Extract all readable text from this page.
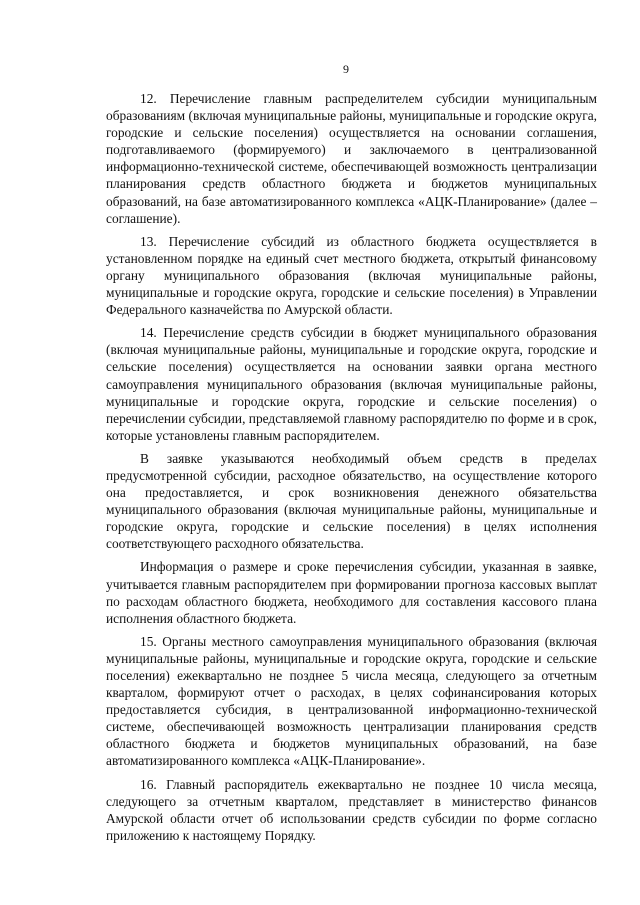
9

12. Перечисление главным распределителем субсидии муниципальным образованиям (включая муниципальные районы, муниципальные и городские округа, городские и сельские поселения) осуществляется на основании соглашения, подготавливаемого (формируемого) и заключаемого в централизованной информационно-технической системе, обеспечивающей возможность централизации планирования средств областного бюджета и бюджетов муниципальных образований, на базе автоматизированного комплекса «АЦК-Планирование» (далее – соглашение).

13. Перечисление субсидий из областного бюджета осуществляется в установленном порядке на единый счет местного бюджета, открытый финансовому органу муниципального образования (включая муниципальные районы, муниципальные и городские округа, городские и сельские поселения) в Управлении Федерального казначейства по Амурской области.

14. Перечисление средств субсидии в бюджет муниципального образования (включая муниципальные районы, муниципальные и городские округа, городские и сельские поселения) осуществляется на основании заявки органа местного самоуправления муниципального образования (включая муниципальные районы, муниципальные и городские округа, городские и сельские поселения) о перечислении субсидии, представляемой главному распорядителю по форме и в срок, которые установлены главным распорядителем.

В заявке указываются необходимый объем средств в пределах предусмотренной субсидии, расходное обязательство, на осуществление которого она предоставляется, и срок возникновения денежного обязательства муниципального образования (включая муниципальные районы, муниципальные и городские округа, городские и сельские поселения) в целях исполнения соответствующего расходного обязательства.

Информация о размере и сроке перечисления субсидии, указанная в заявке, учитывается главным распорядителем при формировании прогноза кассовых выплат по расходам областного бюджета, необходимого для составления кассового плана исполнения областного бюджета.

15. Органы местного самоуправления муниципального образования (включая муниципальные районы, муниципальные и городские округа, городские и сельские поселения) ежеквартально не позднее 5 числа месяца, следующего за отчетным кварталом, формируют отчет о расходах, в целях софинансирования которых предоставляется субсидия, в централизованной информационно-технической системе, обеспечивающей возможность централизации планирования средств областного бюджета и бюджетов муниципальных образований, на базе автоматизированного комплекса «АЦК-Планирование».

16. Главный распорядитель ежеквартально не позднее 10 числа месяца, следующего за отчетным кварталом, представляет в министерство финансов Амурской области отчет об использовании средств субсидии по форме согласно приложению к настоящему Порядку.
